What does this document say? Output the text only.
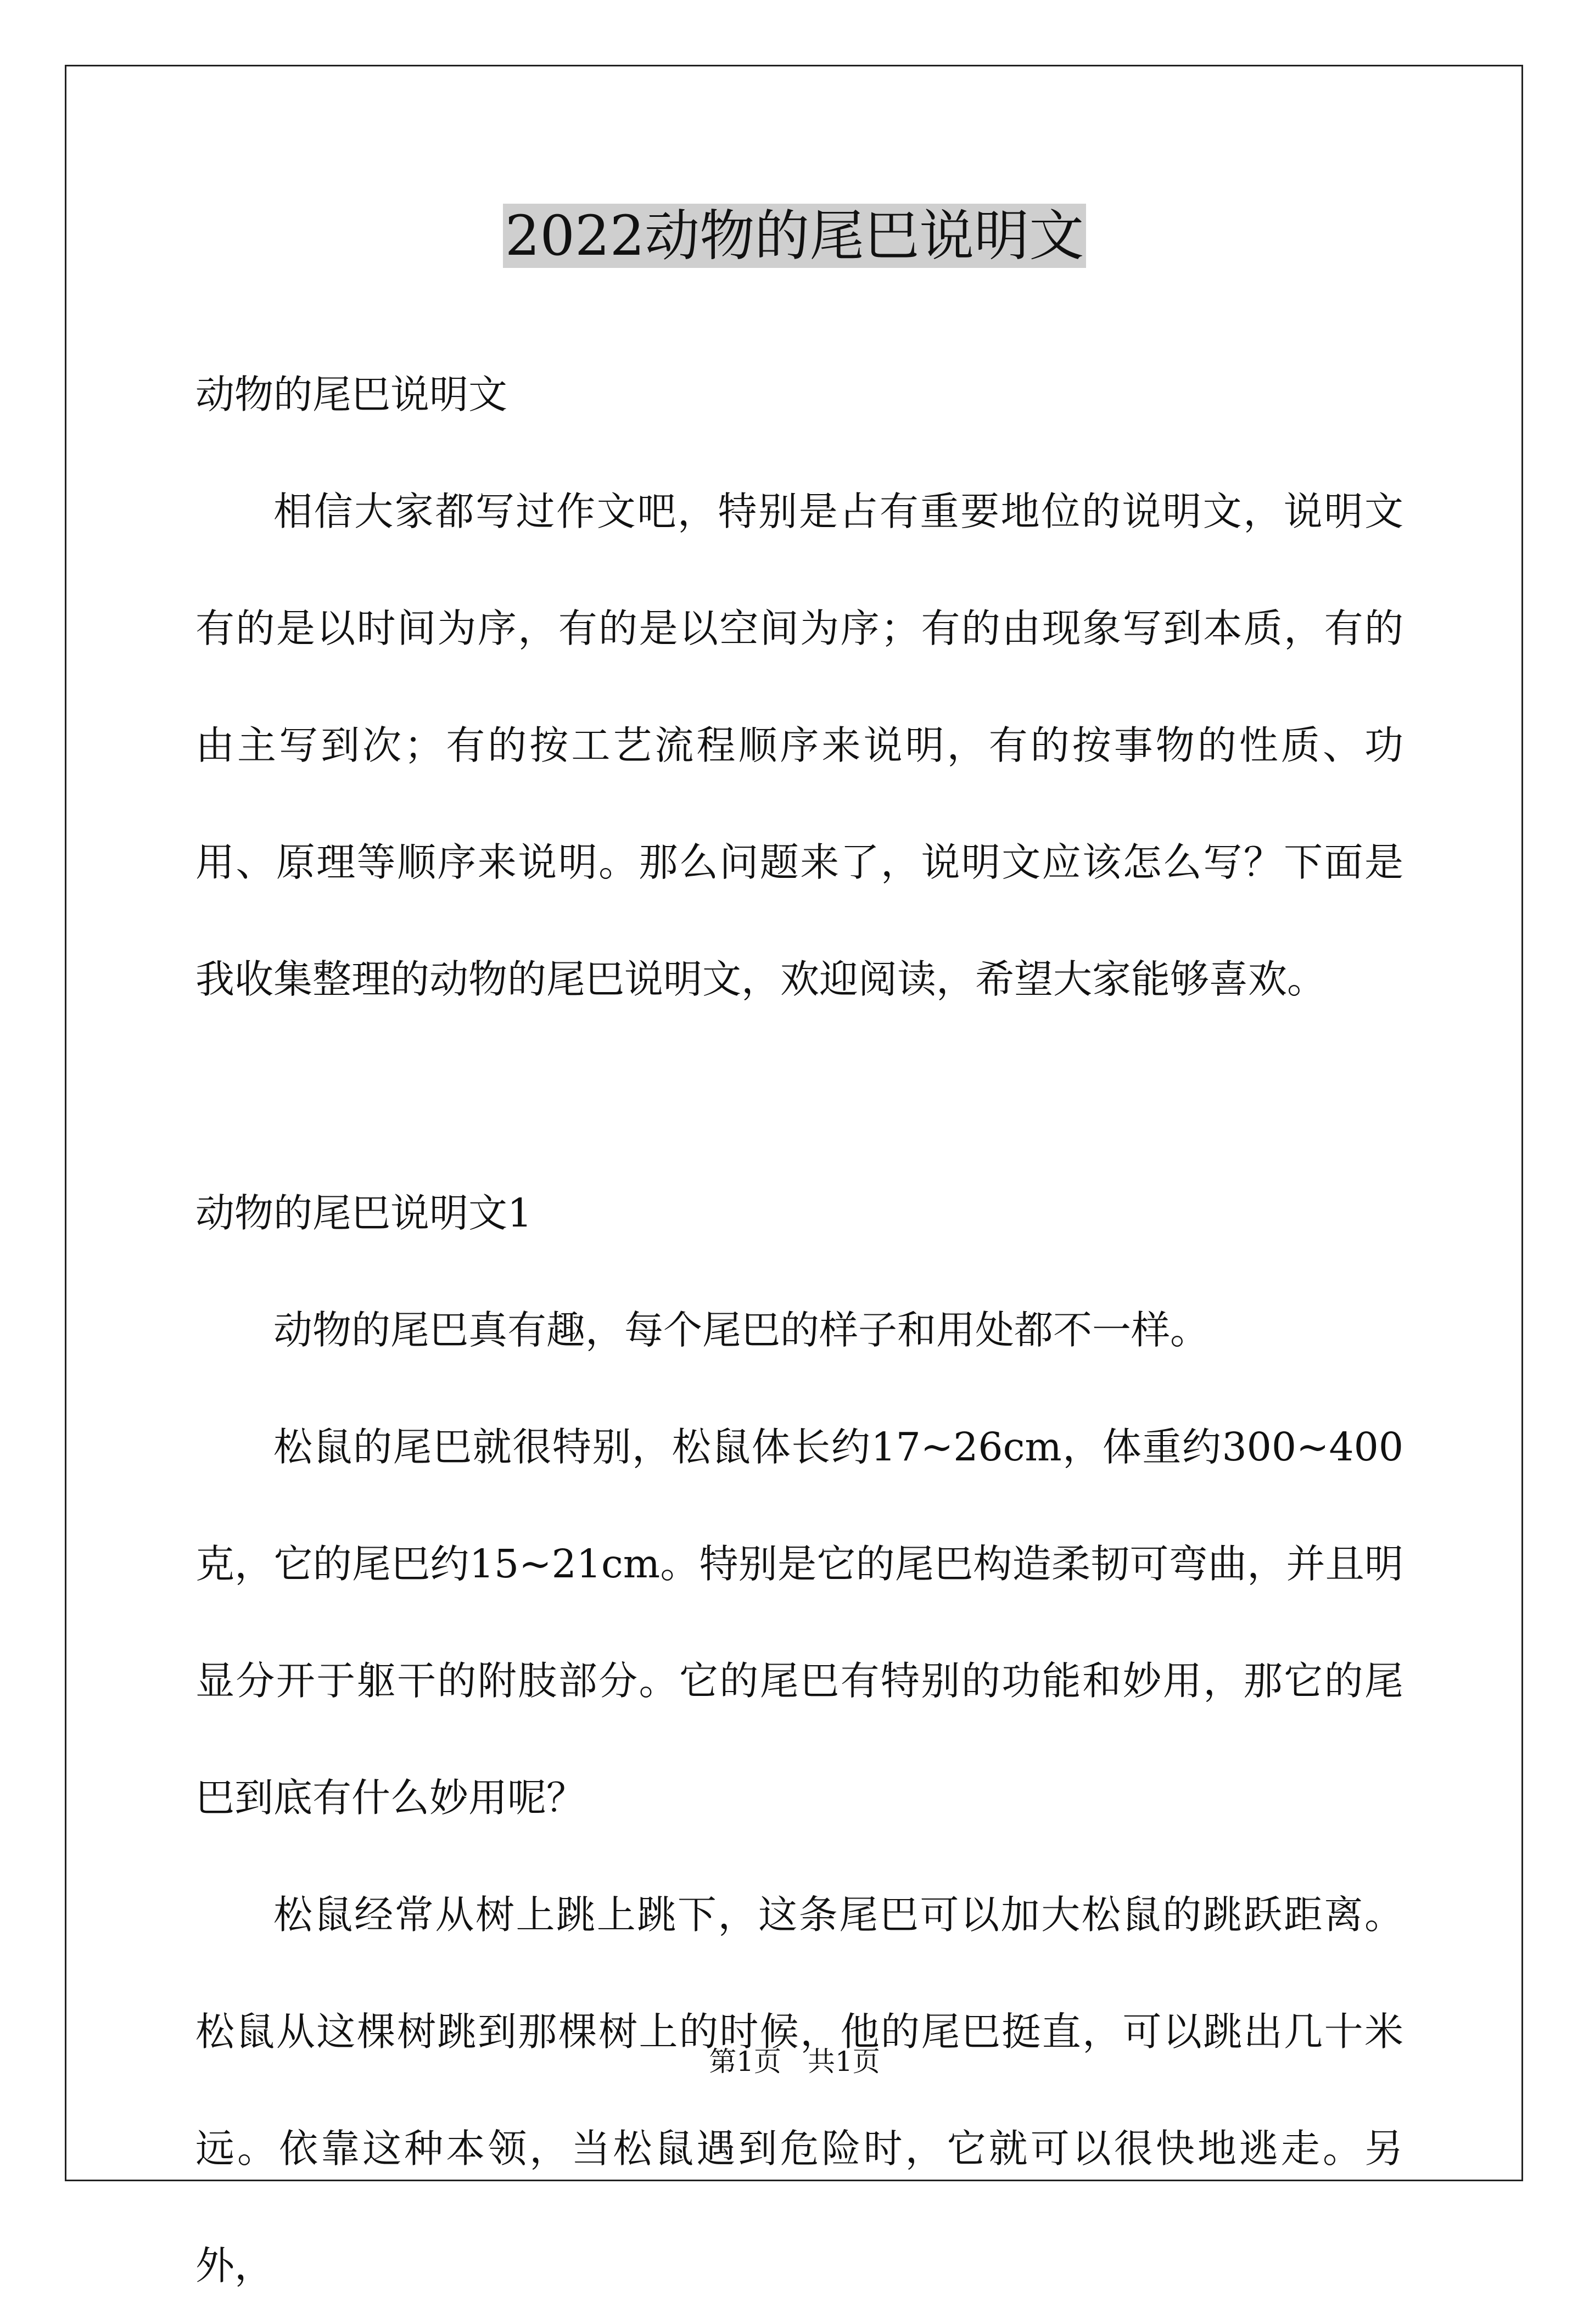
2022动物的尾巴说明文

动物的尾巴说明文

相信大家都写过作文吧，特别是占有重要地位的说明文，说明文有的是以时间为序，有的是以空间为序；有的由现象写到本质，有的由主写到次；有的按工艺流程顺序来说明，有的按事物的性质、功用、原理等顺序来说明。那么问题来了，说明文应该怎么写？下面是我收集整理的动物的尾巴说明文，欢迎阅读，希望大家能够喜欢。

动物的尾巴说明文1

动物的尾巴真有趣，每个尾巴的样子和用处都不一样。

松鼠的尾巴就很特别，松鼠体长约17~26cm，体重约300~400克，它的尾巴约15~21cm。特别是它的尾巴构造柔韧可弯曲，并且明显分开于躯干的附肢部分。它的尾巴有特别的功能和妙用，那它的尾巴到底有什么妙用呢？

松鼠经常从树上跳上跳下，这条尾巴可以加大松鼠的跳跃距离。松鼠从这棵树跳到那棵树上的时候，他的尾巴挺直，可以跳出几十米远。依靠这种本领，当松鼠遇到危险时，它就可以很快地逃走。另外，

第1页 共1页
